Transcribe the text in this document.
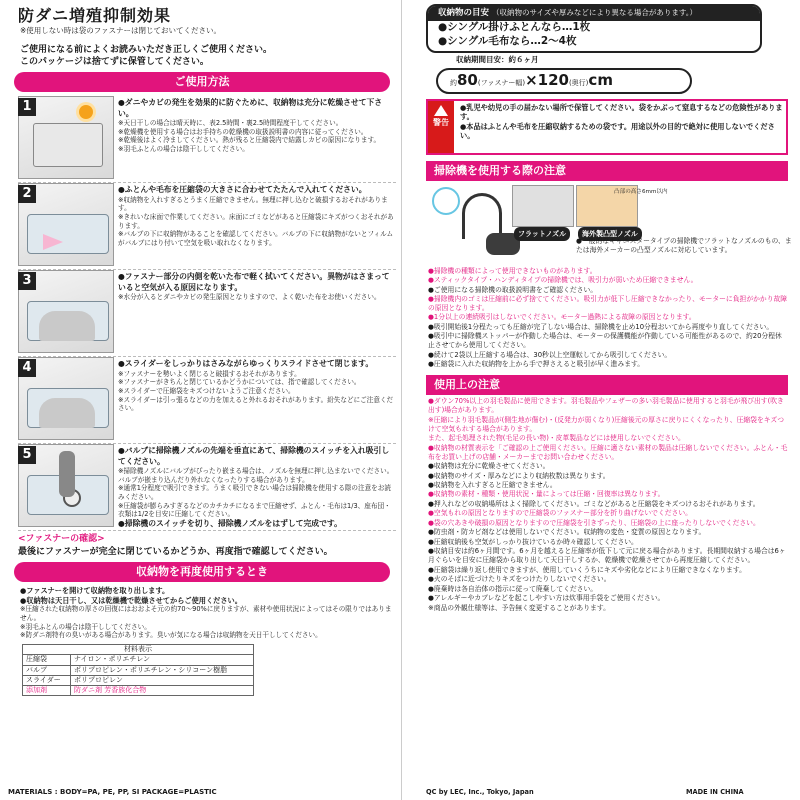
防ダニ増殖抑制効果
※使用しない時は袋のファスナーは閉じておいてください。
ご使用になる前によくお読みいただき正しくご使用ください。
このパッケージは捨てずに保管してください。
ご使用方法
1	●ダニやカビの発生を効果的に防ぐために、収納物は充分に乾燥させて下さい。
※天日干しの場合は晴天時に、表2.5時間・裏2.5時間程度干してください。
※乾燥機を使用する場合はお手持ちの乾燥機の取扱説明書の内容に従ってください。
※乾燥後はよく冷ましてください。熱が残ると圧縮袋内で結露しカビの原因になります。
※羽毛ふとんの場合は陰干ししてください。
2	●ふとんや毛布を圧縮袋の大きさに合わせてたたんで入れてください。
※収納物を入れすぎるとうまく圧縮できません。無理に押し込むと破損するおそれがあります。
※きれいな床面で作業してください。床面にゴミなどがあると圧縮袋にキズがつくおそれがあります。
※バルブの下に収納物があることを確認してください。バルブの下に収納物がないとフィルムがバルブにはり付いて空気を吸い取れなくなります。
3	●ファスナー部分の内側を乾いた布で軽く拭いてください。異物がはさまっていると空気が入る原因になります。
※水分が入るとダニやカビの発生原因となりますので、よく乾いた布をお使いください。
4	●スライダーをしっかりはさみながらゆっくりスライドさせて閉じます。
※ファスナーを勢いよく閉じると破損するおそれがあります。
※ファスナーがきちんと閉じているかどうかについては、指で確認してください。
※スライダーで圧縮袋をキズつけないようご注意ください。
※スライダーは引っ張るなどの力を加えると外れるおそれがあります。紛失などにご注意ください。
5	●バルブに掃除機ノズルの先端を垂直にあて、掃除機のスイッチを入れ吸引してください。
※掃除機ノズルにバルブがぴったり嵌まる場合は、ノズルを無理に押し込まないでください。バルブが嵌まり込んだり外れなくなったりする場合があります。
※通常1分程度で吸引できます。うまく吸引できない場合は掃除機を使用する際の注意をお読みください。
※圧縮袋が膨らみすぎるなどのカチカチになるまで圧縮せず、ふとん・毛布は1/3、座布団・衣類は1/2を目安に圧縮してください。
●掃除機のスイッチを切り、掃除機ノズルをはずして完成です。
<ファスナーの確認>
最後にファスナーが完全に閉じているかどうか、再度指で確認してください。
収納物を再度使用するとき
●ファスナーを開けて収納物を取り出します。
●収納物は天日干し、又は乾燥機で乾燥させてからご使用ください。
※圧縮された収納物の厚さの回復にはおおよそ元の約70〜90%に戻りますが、素材や使用状況によってはその限りではありません。
※羽毛ふとんの場合は陰干ししてください。
※防ダニ剤特有の臭いがある場合があります。臭いが気になる場合は収納物を天日干ししてください。
材料表示	
圧縮袋	ナイロン・ポリエチレン
バルブ	ポリプロピレン・ポリエチレン・シリコーン樹脂
スライダー	ポリプロピレン
添加剤	防ダニ剤 芳香族化合物
MATERIALS : BODY=PA, PE, PP, SI PACKAGE=PLASTIC
収納物の目安 （収納物のサイズや厚みなどにより異なる場合があります。）
●シングル掛けふとんなら…1枚
●シングル毛布なら…2〜4枚
収納期間目安：約６ヶ月
約80(ファスナー幅)×120(奥行)cm
警告
●乳児や幼児の手の届かない場所で保管してください。袋をかぶって窒息するなどの危険性があります。
●本品はふとんや毛布を圧縮収納するための袋です。用途以外の目的で絶対に使用しないでください。
掃除機を使用する際の注意
凸部の高さ6mm以内
フラットノズル	海外製凸型ノズル
●一般的なキャニスタータイプの掃除機でフラットなノズルのもの、または海外メーカーの凸型ノズルに対応しています。
●掃除機の種類によって使用できないものがあります。
●スティックタイプ・ハンディタイプの掃除機では、吸引力が弱いため圧縮できません。
●ご使用になる掃除機の取扱説明書をご確認ください。
●掃除機内のゴミは圧縮前に必ず捨ててください。吸引力が低下し圧縮できなかったり、モーターに負担がかかり故障の原因となります。
●1分以上の連続吸引はしないでください。モーター過熱による故障の原因となります。
●吸引開始後1分程たっても圧縮が完了しない場合は、掃除機を止め10分程おいてから再度やり直してください。
●吸引中に掃除機ストッパーが作動した場合は、モーターの保護機能が作動している可能性があるので、約20分程休止させてから使用してください。
●続けて2袋以上圧縮する場合は、30秒以上空運転してから吸引してください。
●圧縮袋に入れた収納物を上から手で押さえると吸引が早く進みます。
使用上の注意
●ダウン70%以上の羽毛製品に使用できます。羽毛製品やフェザーの多い羽毛製品に使用すると羽毛が飛び出す(吹き出す)場合があります。
※圧縮により羽毛製品が(側生地が傷む)・(反発力が弱くなり)圧縮後元の厚さに戻りにくくなったり、圧縮袋をキズつけて空気もれする場合があります。
また、起毛処理された物(毛足の長い物)・皮革製品などには使用しないでください。
●収納物の材質表示を「ご確認の上ご使用ください。圧縮に適さない素材の製品は圧縮しないでください。ふとん・毛布をお買い上げの店舗・メーカーまでお問い合わせください。
●収納物は充分に乾燥させてください。
●収納物のサイズ・厚みなどにより収納枚数は異なります。
●収納物を入れすぎると圧縮できません。
●収納物の素材・種類・使用状況・量によっては圧縮・回復率は異なります。
●押入れなどの収納場所はよく掃除してください。ゴミなどがあると圧縮袋をキズつけるおそれがあります。
●空気もれの原因となりますので圧縮袋のファスナー部分を折り曲げないでください。
●袋の穴あきや破損の原因となりますので圧縮袋を引きずったり、圧縮袋の上に座ったりしないでください。
●防虫剤・防カビ剤などは使用しないでください。収納物の変色・変質の原因となります。
●圧縮収納後も空気がしっかり抜けているか時々確認してください。
●収納目安は約6ヶ月間です。6ヶ月を越えると圧縮率が低下して元に戻る場合があります。長期間収納する場合は6ヶ月ぐらいを目安に圧縮袋から取り出して天日干しするか、乾燥機で乾燥させてから再度圧縮してください。
●圧縮袋は繰り返し使用できますが、使用していくうちにキズや劣化などにより圧縮できなくなります。
●火のそばに近づけたりキズをつけたりしないでください。
●廃棄時は各自治体の指示に従って廃棄してください。
●アレルギーやカブレなどを起こしやすい方は炊事用手袋をご使用ください。
※商品の外観仕様等は、予告無く変更することがあります。
QC by LEC, Inc., Tokyo, Japan	MADE IN CHINA
